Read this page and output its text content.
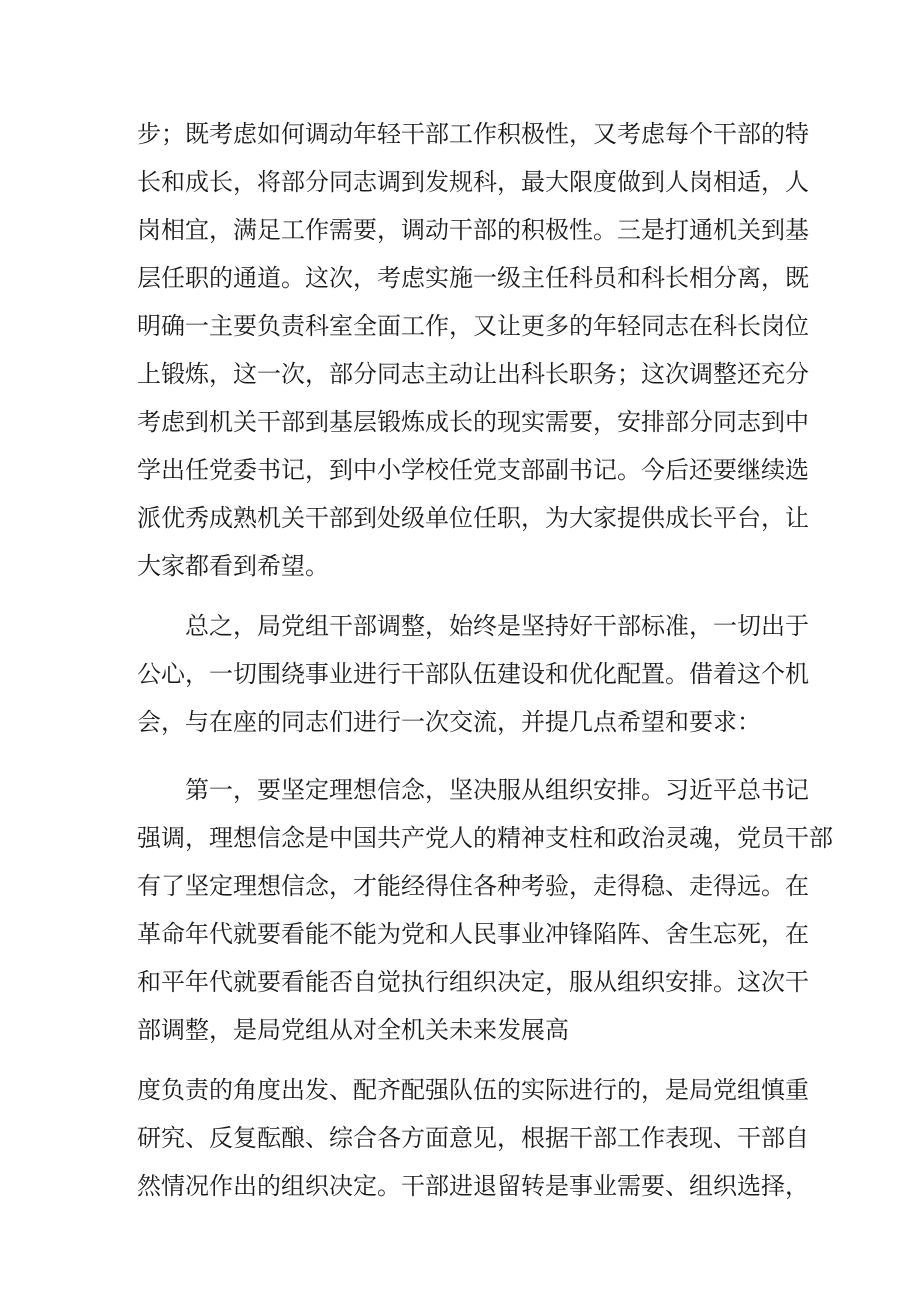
步；既考虑如何调动年轻干部工作积极性，又考虑每个干部的特
长和成长，将部分同志调到发规科，最大限度做到人岗相适，人
岗相宜，满足工作需要，调动干部的积极性。三是打通机关到基
层任职的通道。这次，考虑实施一级主任科员和科长相分离，既
明确一主要负责科室全面工作，又让更多的年轻同志在科长岗位
上锻炼，这一次，部分同志主动让出科长职务；这次调整还充分
考虑到机关干部到基层锻炼成长的现实需要，安排部分同志到中
学出任党委书记，到中小学校任党支部副书记。今后还要继续选
派优秀成熟机关干部到处级单位任职，为大家提供成长平台，让
大家都看到希望。
　　总之，局党组干部调整，始终是坚持好干部标准，一切出于
公心，一切围绕事业进行干部队伍建设和优化配置。借着这个机
会，与在座的同志们进行一次交流，并提几点希望和要求：
　　第一，要坚定理想信念，坚决服从组织安排。习近平总书记
强调，理想信念是中国共产党人的精神支柱和政治灵魂，党员干部
有了坚定理想信念，才能经得住各种考验，走得稳、走得远。在
革命年代就要看能不能为党和人民事业冲锋陷阵、舍生忘死，在
和平年代就要看能否自觉执行组织决定，服从组织安排。这次干
部调整，是局党组从对全机关未来发展高
度负责的角度出发、配齐配强队伍的实际进行的，是局党组慎重
研究、反复酝酿、综合各方面意见，根据干部工作表现、干部自
然情况作出的组织决定。干部进退留转是事业需要、组织选择，
